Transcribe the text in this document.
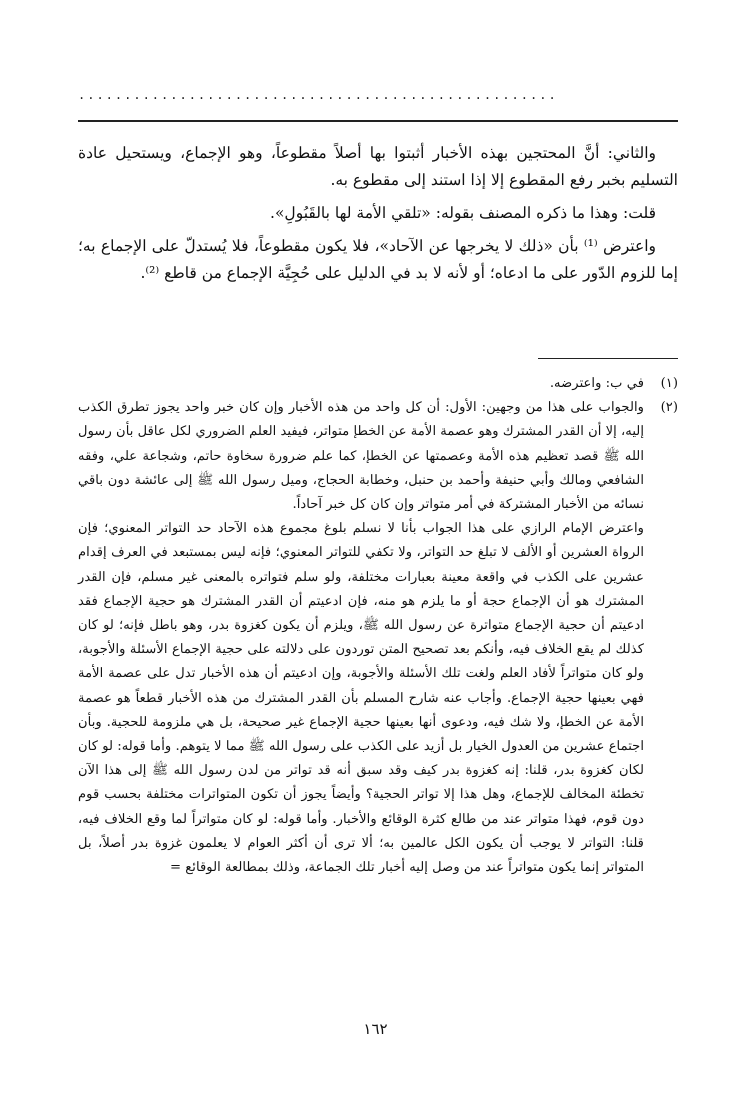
....................................................

والثاني: أنَّ المحتجين بهذه الأخبار أثبتوا بها أصلاً مقطوعاً، وهو الإجماع، ويستحيل عادة التسليم بخبر رفع المقطوع إلا إذا استند إلى مقطوع به.

قلت: وهذا ما ذكره المصنف بقوله: «تلقي الأمة لها بالقَبُولِ».

واعترض ⁽¹⁾ بأن «ذلك لا يخرجها عن الآحاد»، فلا يكون مقطوعاً، فلا يُستدلّ على الإجماع به؛ إما للزوم الدّور على ما ادعاه؛ أو لأنه لا بد في الدليل على حُجِيَّة الإجماع من قاطع ⁽²⁾.

(١)

في ب: واعترضه.

(٢)

والجواب على هذا من وجهين: الأول: أن كل واحد من هذه الأخبار وإن كان خبر واحد يجوز تطرق الكذب إليه، إلا أن القدر المشترك وهو عصمة الأمة عن الخطإ متواتر، فيفيد العلم الضروري لكل عاقل بأن رسول الله ﷺ قصد تعظيم هذه الأمة وعصمتها عن الخطإ، كما علم ضرورة سخاوة حاتم، وشجاعة علي، وفقه الشافعي ومالك وأبي حنيفة وأحمد بن حنبل، وخطابة الحجاج، وميل رسول الله ﷺ إلى عائشة دون باقي نسائه من الأخبار المشتركة في أمر متواتر وإن كان كل خبر آحاداً.

واعترض الإمام الرازي على هذا الجواب بأنا لا نسلم بلوغ مجموع هذه الآحاد حد التواتر المعنوي؛ فإن الرواة العشرين أو الألف لا تبلغ حد التواتر، ولا تكفي للتواتر المعنوي؛ فإنه ليس بمستبعد في العرف إقدام عشرين على الكذب في واقعة معينة بعبارات مختلفة، ولو سلم فتواتره بالمعنى غير مسلم، فإن القدر المشترك هو أن الإجماع حجة أو ما يلزم هو منه، فإن ادعيتم أن القدر المشترك هو حجية الإجماع فقد ادعيتم أن حجية الإجماع متواترة عن رسول الله ﷺ، ويلزم أن يكون كغزوة بدر، وهو باطل فإنه؛ لو كان كذلك لم يقع الخلاف فيه، وأنكم بعد تصحيح المتن توردون على دلالته على حجية الإجماع الأسئلة والأجوبة، ولو كان متواتراً لأفاد العلم ولغت تلك الأسئلة والأجوبة، وإن ادعيتم أن هذه الأخبار تدل على عصمة الأمة فهي بعينها حجية الإجماع. وأجاب عنه شارح المسلم بأن القدر المشترك من هذه الأخبار قطعاً هو عصمة الأمة عن الخطإ، ولا شك فيه، ودعوى أنها بعينها حجية الإجماع غير صحيحة، بل هي ملزومة للحجية. وبأن اجتماع عشرين من العدول الخيار بل أزيد على الكذب على رسول الله ﷺ مما لا يتوهم. وأما قوله: لو كان لكان كغزوة بدر، قلنا: إنه كغزوة بدر كيف وقد سبق أنه قد تواتر من لدن رسول الله ﷺ إلى هذا الآن تخطئة المخالف للإجماع، وهل هذا إلا تواتر الحجية؟ وأيضاً يجوز أن تكون المتواترات مختلفة بحسب قوم دون قوم، فهذا متواتر عند من طالع كثرة الوقائع والأخبار. وأما قوله: لو كان متواتراً لما وقع الخلاف فيه، قلنا: التواتر لا يوجب أن يكون الكل عالمين به؛ ألا ترى أن أكثر العوام لا يعلمون غزوة بدر أصلاً، بل المتواتر إنما يكون متواتراً عند من وصل إليه أخبار تلك الجماعة، وذلك بمطالعة الوقائع =

١٦٢
